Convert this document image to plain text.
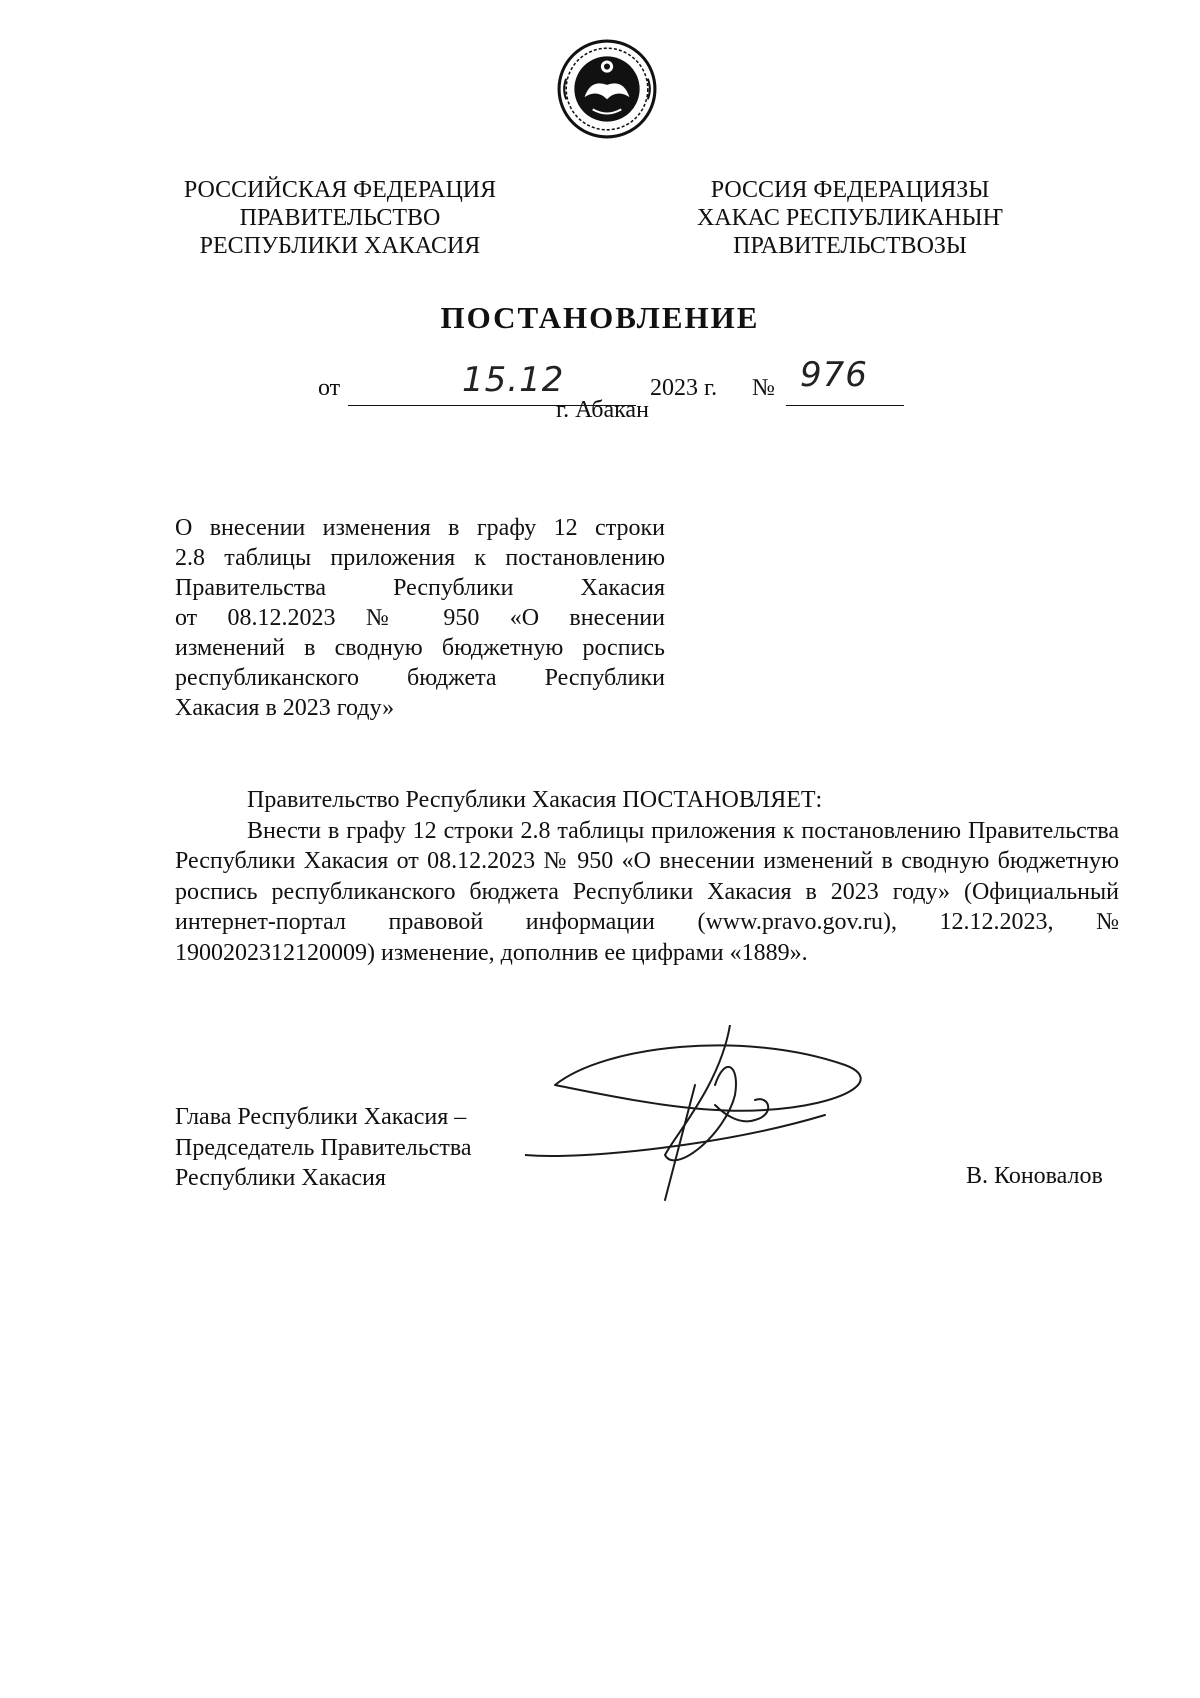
РОССИЙСКАЯ ФЕДЕРАЦИЯ
ПРАВИТЕЛЬСТВО
РЕСПУБЛИКИ ХАКАСИЯ
РОССИЯ ФЕДЕРАЦИЯЗЫ
ХАКАС РЕСПУБЛИКАНЫҤ
ПРАВИТЕЛЬСТВОЗЫ
ПОСТАНОВЛЕНИЕ
от	15.12	2023 г. № 976
г. Абакан
О внесении изменения в графу 12 строки
2.8 таблицы приложения к постановлению
Правительства Республики Хакасия
от 08.12.2023 № 950 «О внесении
изменений в сводную бюджетную роспись
республиканского бюджета Республики
Хакасия в 2023 году»
Правительство Республики Хакасия ПОСТАНОВЛЯЕТ:
Внести в графу 12 строки 2.8 таблицы приложения к постановлению Правительства Республики Хакасия от 08.12.2023 № 950 «О внесении изменений в сводную бюджетную роспись республиканского бюджета Республики Хакасия в 2023 году» (Официальный интернет-портал правовой информации (www.pravo.gov.ru), 12.12.2023, № 1900202312120009) изменение, дополнив ее цифрами «1889».
Глава Республики Хакасия –
Председатель Правительства
Республики Хакасия	В. Коновалов
